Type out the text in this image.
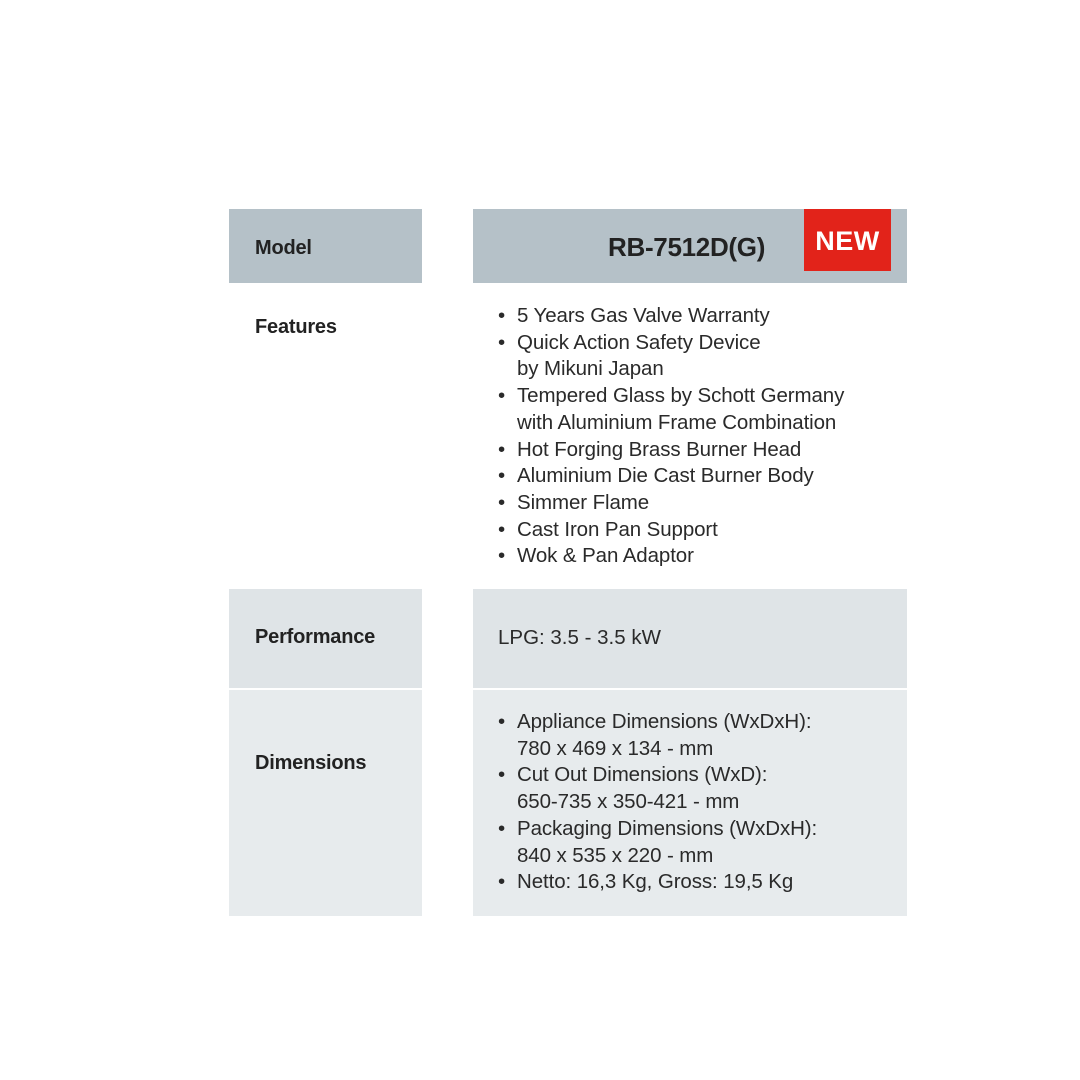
Model	RB-7512D(G)	NEW
Features	• 5 Years Gas Valve Warranty
• Quick Action Safety Device
by Mikuni Japan
• Tempered Glass by Schott Germany
with Aluminium Frame Combination
• Hot Forging Brass Burner Head
• Aluminium Die Cast Burner Body
• Simmer Flame
• Cast Iron Pan Support
• Wok & Pan Adaptor
Performance	LPG: 3.5 - 3.5 kW
Dimensions
• Appliance Dimensions (WxDxH):
780 x 469 x 134 - mm
• Cut Out Dimensions (WxD):
650-735 x 350-421 - mm
• Packaging Dimensions (WxDxH):
840 x 535 x 220 - mm
• Netto: 16,3 Kg, Gross: 19,5 Kg
